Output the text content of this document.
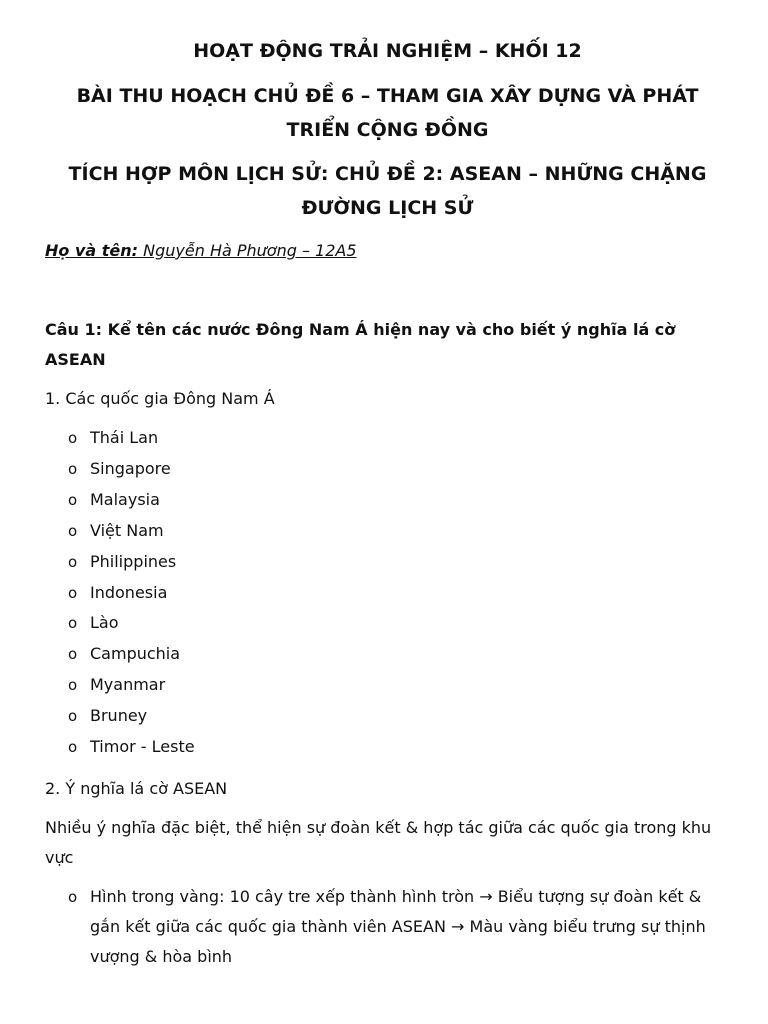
HOẠT ĐỘNG TRẢI NGHIỆM – KHỐI 12

BÀI THU HOẠCH CHỦ ĐỀ 6 – THAM GIA XÂY DỰNG VÀ PHÁT TRIỂN CỘNG ĐỒNG

TÍCH HỢP MÔN LỊCH SỬ: CHỦ ĐỀ 2: ASEAN – NHỮNG CHẶNG ĐƯỜNG LỊCH SỬ

Họ và tên: Nguyễn Hà Phương – 12A5

Câu 1: Kể tên các nước Đông Nam Á hiện nay và cho biết ý nghĩa lá cờ ASEAN

1. Các quốc gia Đông Nam Á

o Thái Lan
o Singapore
o Malaysia
o Việt Nam
o Philippines
o Indonesia
o Lào
o Campuchia
o Myanmar
o Bruney
o Timor - Leste

2. Ý nghĩa lá cờ ASEAN

Nhiều ý nghĩa đặc biệt, thể hiện sự đoàn kết & hợp tác giữa các quốc gia trong khu vực

o Hình trong vàng: 10 cây tre xếp thành hình tròn → Biểu tượng sự đoàn kết & gắn kết giữa các quốc gia thành viên ASEAN → Màu vàng biểu trưng sự thịnh vượng & hòa bình
